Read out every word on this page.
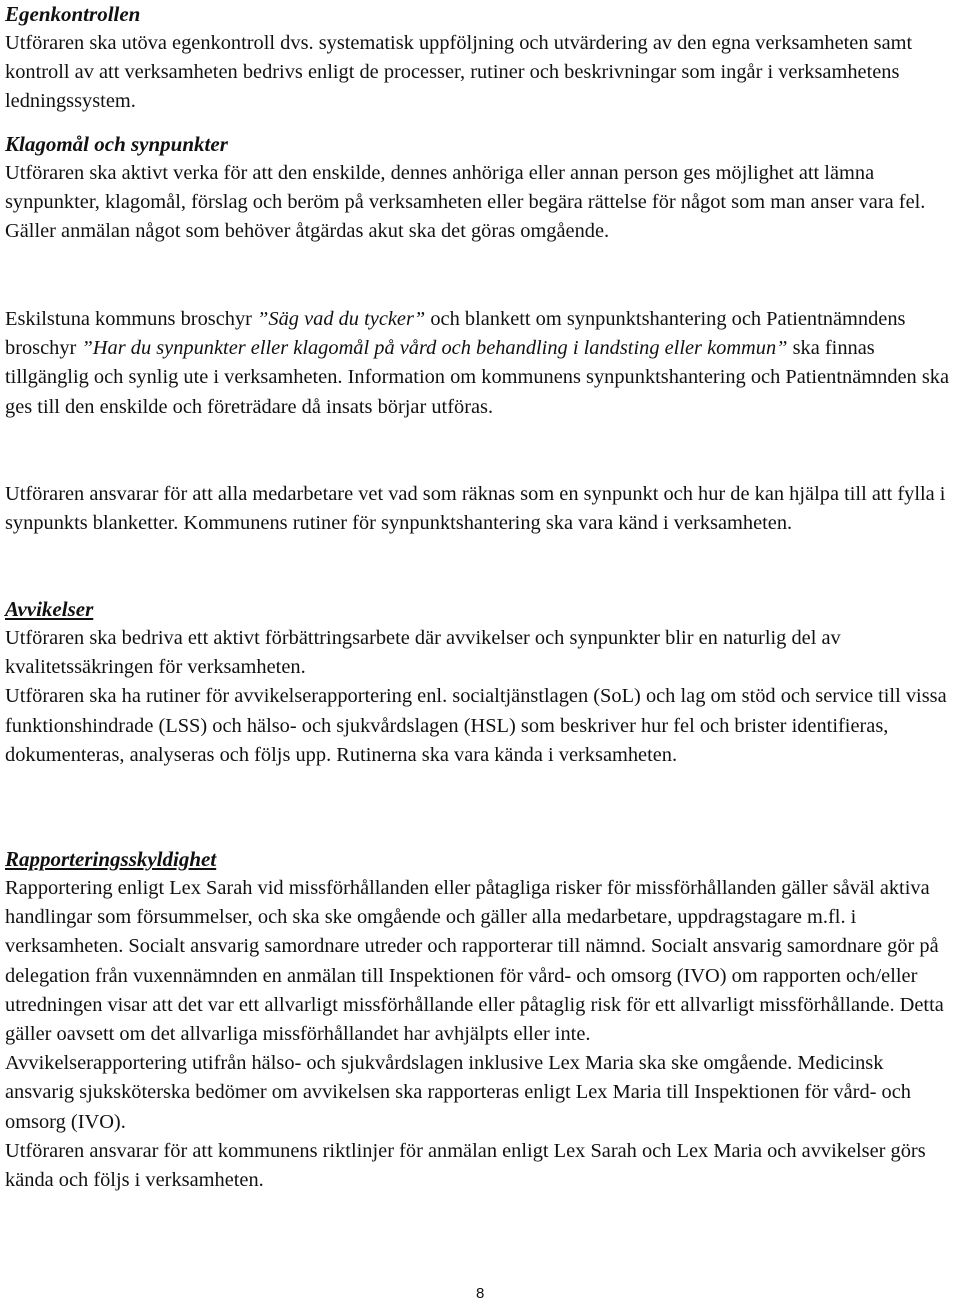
Egenkontrollen

Utföraren ska utöva egenkontroll dvs. systematisk uppföljning och utvärdering av den egna verksamheten samt kontroll av att verksamheten bedrivs enligt de processer, rutiner och beskrivningar som ingår i verksamhetens ledningssystem.

Klagomål och synpunkter

Utföraren ska aktivt verka för att den enskilde, dennes anhöriga eller annan person ges möjlighet att lämna synpunkter, klagomål, förslag och beröm på verksamheten eller begära rättelse för något som man anser vara fel. Gäller anmälan något som behöver åtgärdas akut ska det göras omgående.

Eskilstuna kommuns broschyr ”Säg vad du tycker” och blankett om synpunktshantering och Patientnämndens broschyr ”Har du synpunkter eller klagomål på vård och behandling i landsting eller kommun” ska finnas tillgänglig och synlig ute i verksamheten. Information om kommunens synpunktshantering och Patientnämnden ska ges till den enskilde och företrädare då insats börjar utföras.

Utföraren ansvarar för att alla medarbetare vet vad som räknas som en synpunkt och hur de kan hjälpa till att fylla i synpunkts blanketter. Kommunens rutiner för synpunktshantering ska vara känd i verksamheten.

Avvikelser

Utföraren ska bedriva ett aktivt förbättringsarbete där avvikelser och synpunkter blir en naturlig del av kvalitetssäkringen för verksamheten.

Utföraren ska ha rutiner för avvikelserapportering enl. socialtjänstlagen (SoL) och lag om stöd och service till vissa funktionshindrade (LSS) och hälso- och sjukvårdslagen (HSL) som beskriver hur fel och brister identifieras, dokumenteras, analyseras och följs upp. Rutinerna ska vara kända i verksamheten.

Rapporteringsskyldighet

Rapportering enligt Lex Sarah vid missförhållanden eller påtagliga risker för missförhållanden gäller såväl aktiva handlingar som försummelser, och ska ske omgående och gäller alla medarbetare, uppdragstagare m.fl. i verksamheten. Socialt ansvarig samordnare utreder och rapporterar till nämnd. Socialt ansvarig samordnare gör på delegation från vuxennämnden en anmälan till Inspektionen för vård- och omsorg (IVO) om rapporten och/eller utredningen visar att det var ett allvarligt missförhållande eller påtaglig risk för ett allvarligt missförhållande. Detta gäller oavsett om det allvarliga missförhållandet har avhjälpts eller inte.

Avvikelserapportering utifrån hälso- och sjukvårdslagen inklusive Lex Maria ska ske omgående. Medicinsk ansvarig sjuksköterska bedömer om avvikelsen ska rapporteras enligt Lex Maria till Inspektionen för vård- och omsorg (IVO).

Utföraren ansvarar för att kommunens riktlinjer för anmälan enligt Lex Sarah och Lex Maria och avvikelser görs kända och följs i verksamheten.

8
